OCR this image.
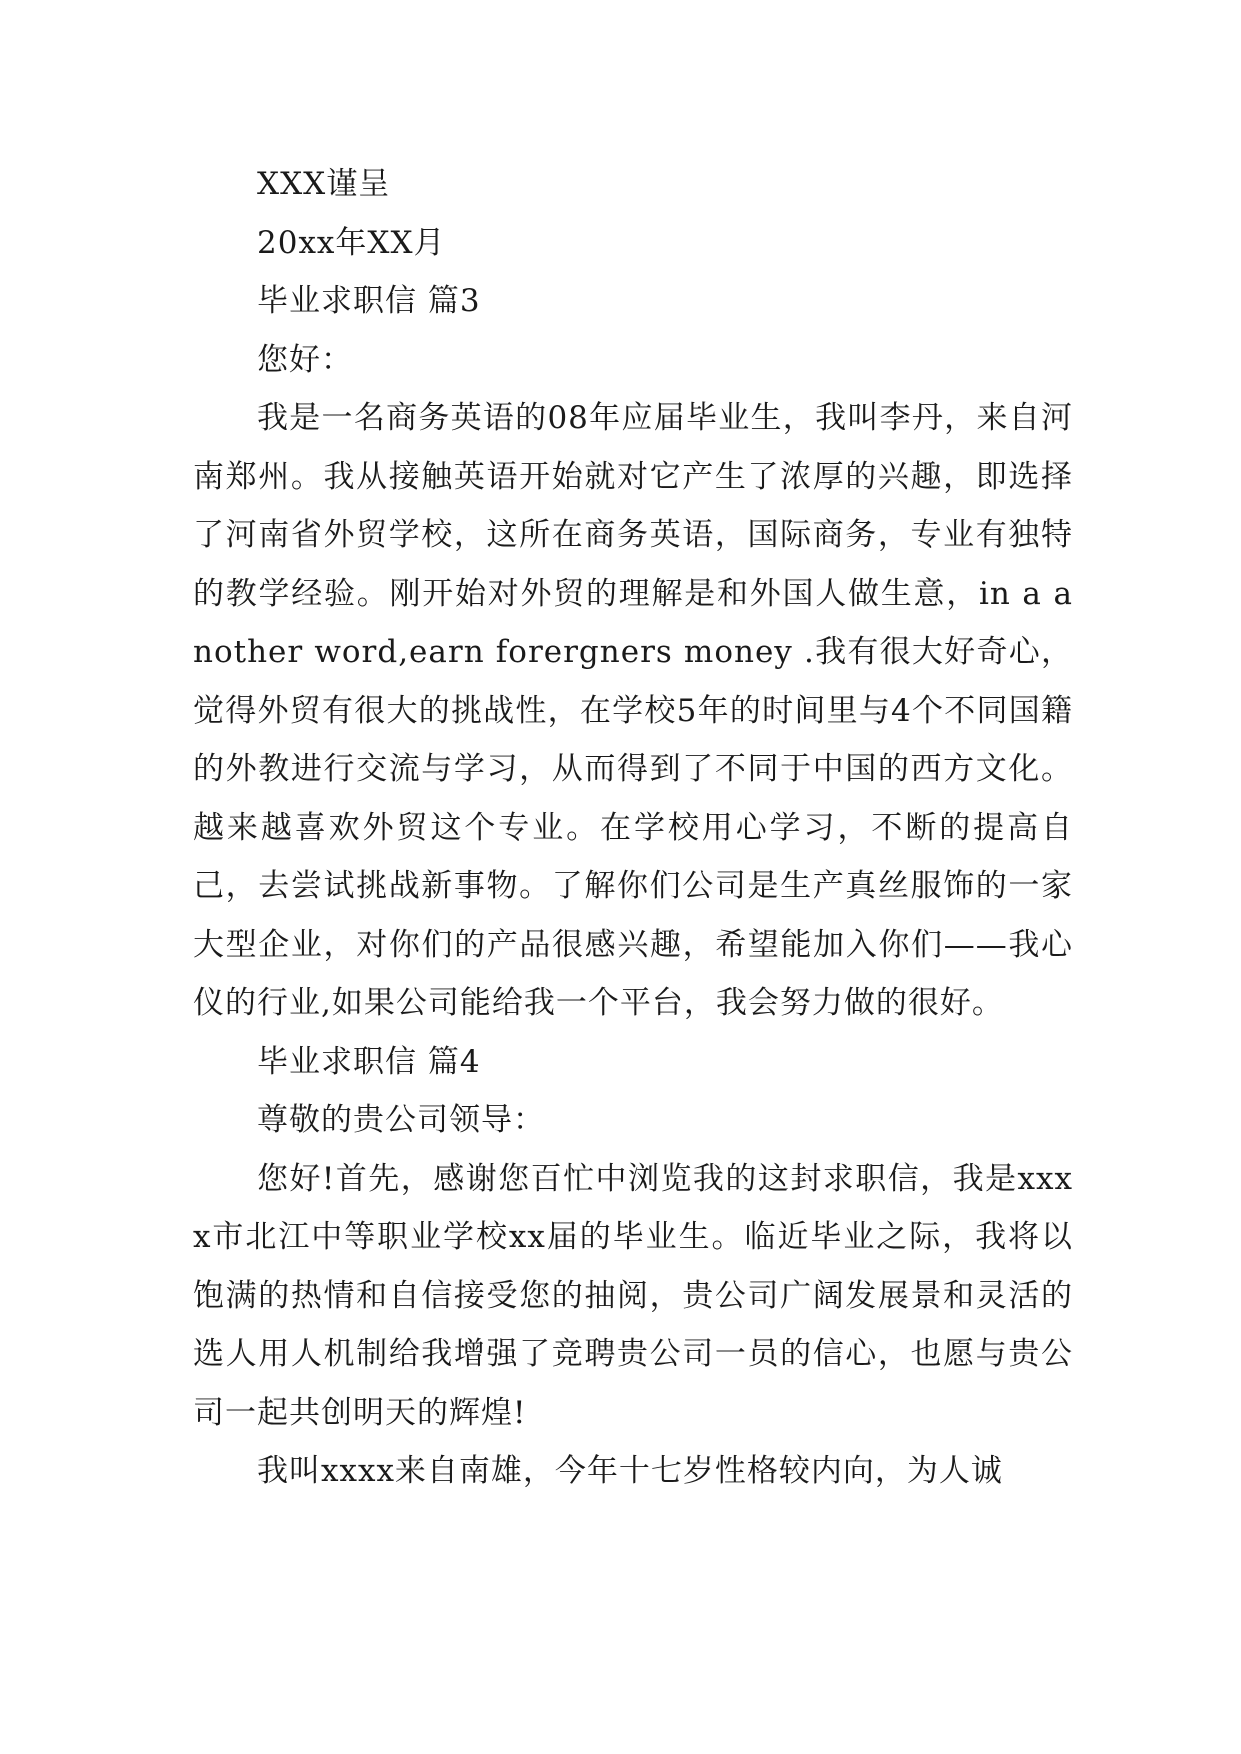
XXX谨呈

20xx年XX月

毕业求职信 篇3

您好：

我是一名商务英语的08年应届毕业生，我叫李丹，来自河南郑州。我从接触英语开始就对它产生了浓厚的兴趣，即选择了河南省外贸学校，这所在商务英语，国际商务，专业有独特的教学经验。刚开始对外贸的理解是和外国人做生意，in a another word,earn forergners money .我有很大好奇心，觉得外贸有很大的挑战性，在学校5年的时间里与4个不同国籍的外教进行交流与学习，从而得到了不同于中国的西方文化。越来越喜欢外贸这个专业。在学校用心学习，不断的提高自己，去尝试挑战新事物。了解你们公司是生产真丝服饰的一家大型企业，对你们的产品很感兴趣，希望能加入你们——我心仪的行业,如果公司能给我一个平台，我会努力做的很好。

毕业求职信 篇4

尊敬的贵公司领导：

您好!首先，感谢您百忙中浏览我的这封求职信，我是xxxx市北江中等职业学校xx届的毕业生。临近毕业之际，我将以饱满的热情和自信接受您的抽阅，贵公司广阔发展景和灵活的选人用人机制给我增强了竞聘贵公司一员的信心，也愿与贵公司一起共创明天的辉煌!

我叫xxxx来自南雄，今年十七岁性格较内向，为人诚
